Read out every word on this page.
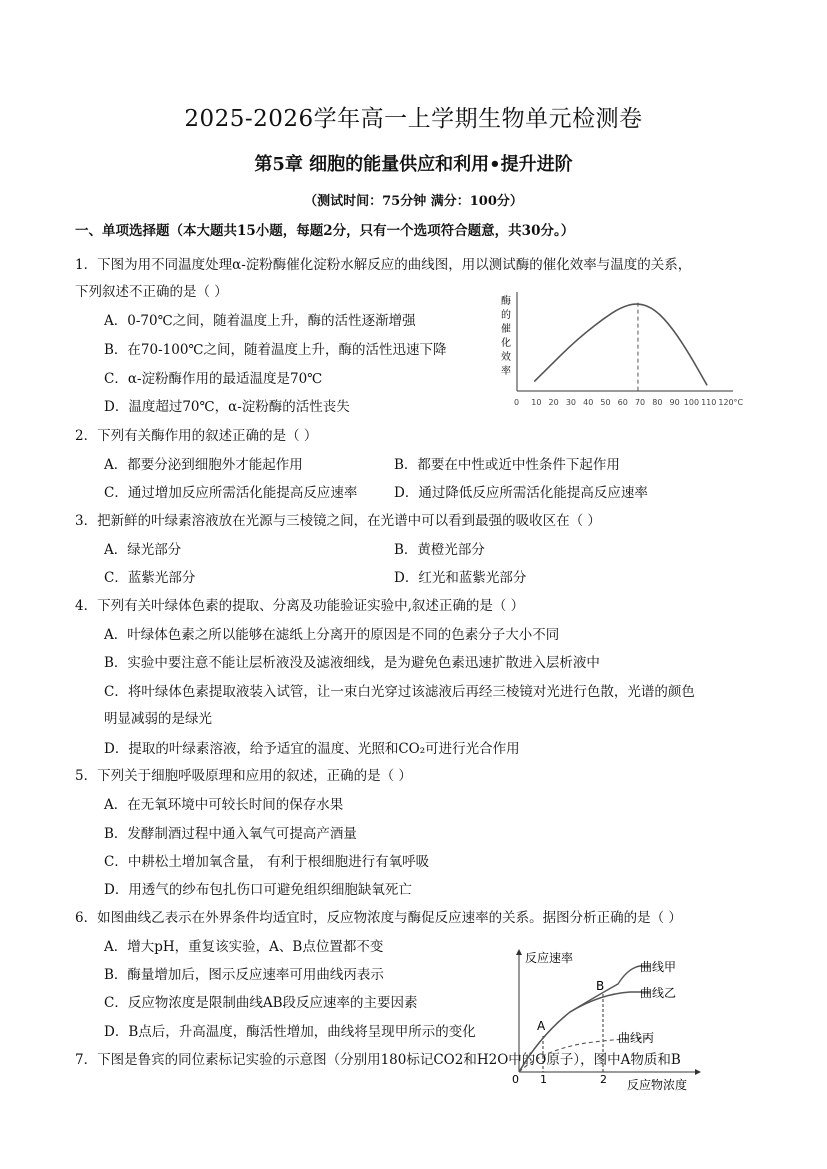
2025-2026学年高一上学期生物单元检测卷
第5章 细胞的能量供应和利用•提升进阶
（测试时间：75分钟 满分：100分）
一、单项选择题（本大题共15小题，每题2分，只有一个选项符合题意，共30分。）
1．下图为用不同温度处理α-淀粉酶催化淀粉水解反应的曲线图，用以测试酶的催化效率与温度的关系，
下列叙述不正确的是（ ）
A．0-70℃之间，随着温度上升，酶的活性逐渐增强
B．在70-100℃之间，随着温度上升，酶的活性迅速下降
C．α-淀粉酶作用的最适温度是70℃
D．温度超过70℃，α-淀粉酶的活性丧失
酶
的
催
化
效
率
0 10 20 30 40 50 60 70 80 90 100 110 120 °C
2．下列有关酶作用的叙述正确的是（ ）
A．都要分泌到细胞外才能起作用	B．都要在中性或近中性条件下起作用
C．通过增加反应所需活化能提高反应速率	D．通过降低反应所需活化能提高反应速率
3．把新鲜的叶绿素溶液放在光源与三棱镜之间，在光谱中可以看到最强的吸收区在（ ）
A．绿光部分	B．黄橙光部分
C．蓝紫光部分	D．红光和蓝紫光部分
4．下列有关叶绿体色素的提取、分离及功能验证实验中,叙述正确的是（ ）
A．叶绿体色素之所以能够在滤纸上分离开的原因是不同的色素分子大小不同
B．实验中要注意不能让层析液没及滤液细线，是为避免色素迅速扩散进入层析液中
C．将叶绿体色素提取液装入试管，让一束白光穿过该滤液后再经三棱镜对光进行色散，光谱的颜色
明显减弱的是绿光
D．提取的叶绿素溶液，给予适宜的温度、光照和CO₂可进行光合作用
5．下列关于细胞呼吸原理和应用的叙述，正确的是（ ）
A．在无氧环境中可较长时间的保存水果
B．发酵制酒过程中通入氧气可提高产酒量
C．中耕松土增加氧含量， 有利于根细胞进行有氧呼吸
D．用透气的纱布包扎伤口可避免组织细胞缺氧死亡
6．如图曲线乙表示在外界条件均适宜时，反应物浓度与酶促反应速率的关系。据图分析正确的是（ ）
A．增大pH，重复该实验，A、B点位置都不变
B．酶量增加后，图示反应速率可用曲线丙表示
C．反应物浓度是限制曲线AB段反应速率的主要因素
D．B点后，升高温度，酶活性增加，曲线将呈现甲所示的变化
7．下图是鲁宾的同位素标记实验的示意图（分别用180标记CO2和H2O中的O原子），图中A物质和B
反应速率
反应物浓度
0 1	2
曲线甲
曲线乙
曲线丙
A
B
